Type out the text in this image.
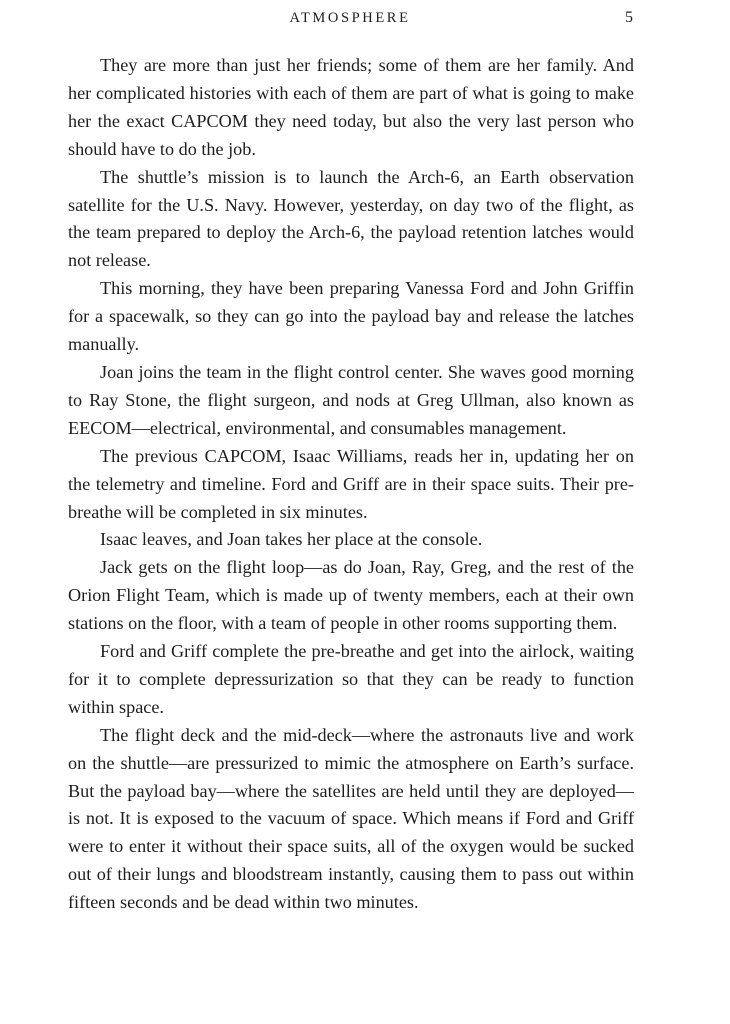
ATMOSPHERE	5

They are more than just her friends; some of them are her family. And her complicated histories with each of them are part of what is going to make her the exact CAPCOM they need today, but also the very last person who should have to do the job.

The shuttle’s mission is to launch the Arch-6, an Earth observation satellite for the U.S. Navy. However, yesterday, on day two of the flight, as the team prepared to deploy the Arch-6, the payload retention latches would not release.

This morning, they have been preparing Vanessa Ford and John Griffin for a spacewalk, so they can go into the payload bay and release the latches manually.

Joan joins the team in the flight control center. She waves good morning to Ray Stone, the flight surgeon, and nods at Greg Ullman, also known as EECOM—electrical, environmental, and consumables management.

The previous CAPCOM, Isaac Williams, reads her in, updating her on the telemetry and timeline. Ford and Griff are in their space suits. Their pre-breathe will be completed in six minutes.

Isaac leaves, and Joan takes her place at the console.

Jack gets on the flight loop—as do Joan, Ray, Greg, and the rest of the Orion Flight Team, which is made up of twenty members, each at their own stations on the floor, with a team of people in other rooms supporting them.

Ford and Griff complete the pre-breathe and get into the airlock, waiting for it to complete depressurization so that they can be ready to function within space.

The flight deck and the mid-deck—where the astronauts live and work on the shuttle—are pressurized to mimic the atmosphere on Earth’s surface. But the payload bay—where the satellites are held until they are deployed—is not. It is exposed to the vacuum of space. Which means if Ford and Griff were to enter it without their space suits, all of the oxygen would be sucked out of their lungs and bloodstream instantly, causing them to pass out within fifteen seconds and be dead within two minutes.
